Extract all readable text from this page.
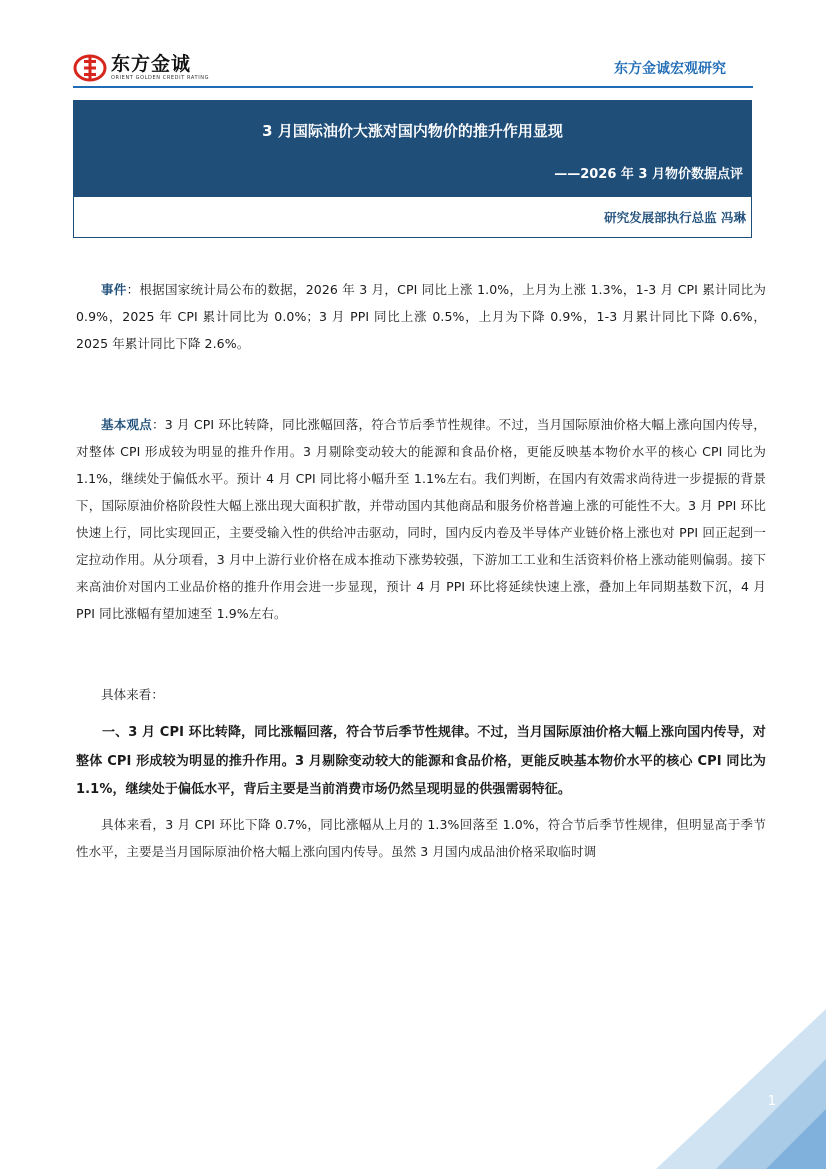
东方金诚
ORIENT GOLDEN CREDIT RATING
东方金诚宏观研究
3 月国际油价大涨对国内物价的推升作用显现
——2026 年 3 月物价数据点评
研究发展部执行总监 冯琳

事件：根据国家统计局公布的数据，2026 年 3 月，CPI 同比上涨 1.0%，上月为上涨 1.3%，1-3 月 CPI 累计同比为 0.9%，2025 年 CPI 累计同比为 0.0%；3 月 PPI 同比上涨 0.5%，上月为下降 0.9%，1-3 月累计同比下降 0.6%，2025 年累计同比下降 2.6%。

基本观点：3 月 CPI 环比转降，同比涨幅回落，符合节后季节性规律。不过，当月国际原油价格大幅上涨向国内传导，对整体 CPI 形成较为明显的推升作用。3 月剔除变动较大的能源和食品价格，更能反映基本物价水平的核心 CPI 同比为 1.1%，继续处于偏低水平。预计 4 月 CPI 同比将小幅升至 1.1%左右。我们判断，在国内有效需求尚待进一步提振的背景下，国际原油价格阶段性大幅上涨出现大面积扩散，并带动国内其他商品和服务价格普遍上涨的可能性不大。3 月 PPI 环比快速上行，同比实现回正，主要受输入性的供给冲击驱动，同时，国内反内卷及半导体产业链价格上涨也对 PPI 回正起到一定拉动作用。从分项看，3 月中上游行业价格在成本推动下涨势较强，下游加工工业和生活资料价格上涨动能则偏弱。接下来高油价对国内工业品价格的推升作用会进一步显现，预计 4 月 PPI 环比将延续快速上涨，叠加上年同期基数下沉，4 月 PPI 同比涨幅有望加速至 1.9%左右。

具体来看：

一、3 月 CPI 环比转降，同比涨幅回落，符合节后季节性规律。不过，当月国际原油价格大幅上涨向国内传导，对整体 CPI 形成较为明显的推升作用。3 月剔除变动较大的能源和食品价格，更能反映基本物价水平的核心 CPI 同比为 1.1%，继续处于偏低水平，背后主要是当前消费市场仍然呈现明显的供强需弱特征。

具体来看，3 月 CPI 环比下降 0.7%，同比涨幅从上月的 1.3%回落至 1.0%，符合节后季节性规律，但明显高于季节性水平，主要是当月国际原油价格大幅上涨向国内传导。虽然 3 月国内成品油价格采取临时调

1
